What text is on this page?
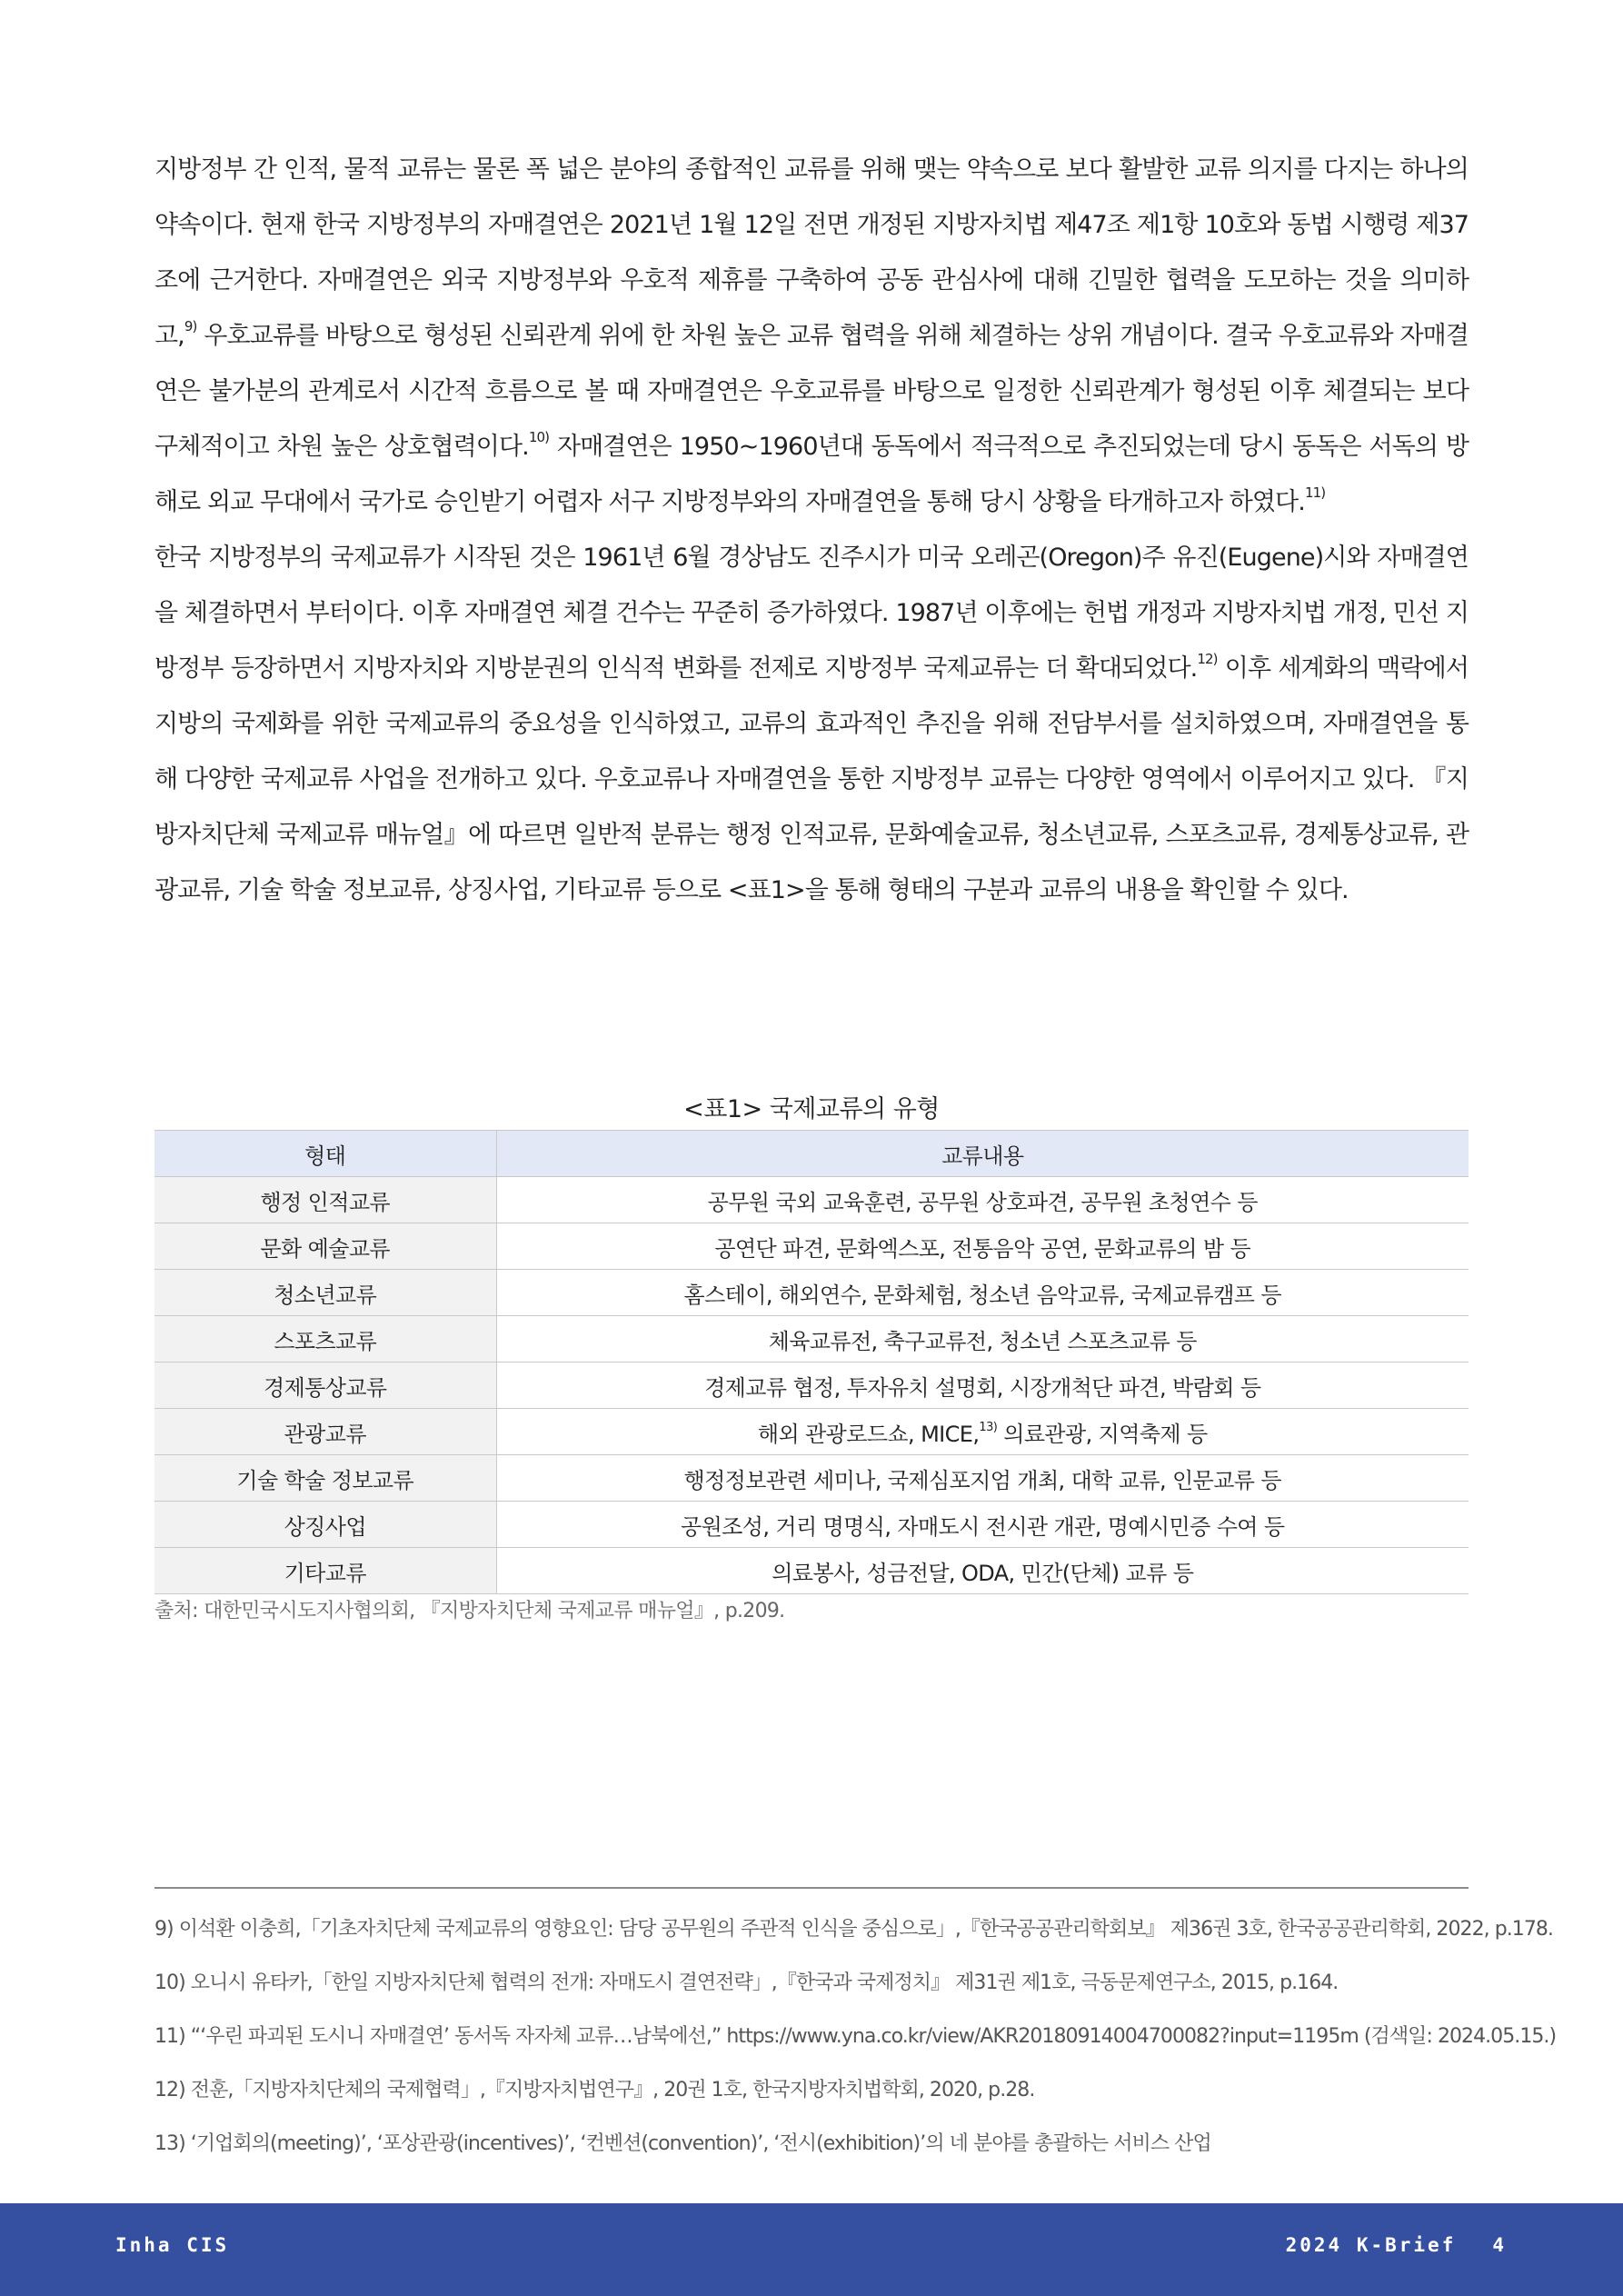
지방정부 간 인적, 물적 교류는 물론 폭 넓은 분야의 종합적인 교류를 위해 맺는 약속으로 보다 활발한 교류 의지를 다지는 하나의 약속이다. 현재 한국 지방정부의 자매결연은 2021년 1월 12일 전면 개정된 지방자치법 제47조 제1항 10호와 동법 시행령 제37조에 근거한다. 자매결연은 외국 지방정부와 우호적 제휴를 구축하여 공동 관심사에 대해 긴밀한 협력을 도모하는 것을 의미하고,$^{9)}$ 우호교류를 바탕으로 형성된 신뢰관계 위에 한 차원 높은 교류 협력을 위해 체결하는 상위 개념이다. 결국 우호교류와 자매결연은 불가분의 관계로서 시간적 흐름으로 볼 때 자매결연은 우호교류를 바탕으로 일정한 신뢰관계가 형성된 이후 체결되는 보다 구체적이고 차원 높은 상호협력이다.$^{10)}$ 자매결연은 1950~1960년대 동독에서 적극적으로 추진되었는데 당시 동독은 서독의 방해로 외교 무대에서 국가로 승인받기 어렵자 서구 지방정부와의 자매결연을 통해 당시 상황을 타개하고자 하였다.$^{11)}$

한국 지방정부의 국제교류가 시작된 것은 1961년 6월 경상남도 진주시가 미국 오레곤(Oregon)주 유진(Eugene)시와 자매결연을 체결하면서 부터이다. 이후 자매결연 체결 건수는 꾸준히 증가하였다. 1987년 이후에는 헌법 개정과 지방자치법 개정, 민선 지방정부 등장하면서 지방자치와 지방분권의 인식적 변화를 전제로 지방정부 국제교류는 더 확대되었다.$^{12)}$ 이후 세계화의 맥락에서 지방의 국제화를 위한 국제교류의 중요성을 인식하였고, 교류의 효과적인 추진을 위해 전담부서를 설치하였으며, 자매결연을 통해 다양한 국제교류 사업을 전개하고 있다. 우호교류나 자매결연을 통한 지방정부 교류는 다양한 영역에서 이루어지고 있다. 『지방자치단체 국제교류 매뉴얼』에 따르면 일반적 분류는 행정 인적교류, 문화예술교류, 청소년교류, 스포츠교류, 경제통상교류, 관광교류, 기술 학술 정보교류, 상징사업, 기타교류 등으로 <표1>을 통해 형태의 구분과 교류의 내용을 확인할 수 있다.

<표1> 국제교류의 유형
형태	교류내용
행정 인적교류	공무원 국외 교육훈련, 공무원 상호파견, 공무원 초청연수 등
문화 예술교류	공연단 파견, 문화엑스포, 전통음악 공연, 문화교류의 밤 등
청소년교류	홈스테이, 해외연수, 문화체험, 청소년 음악교류, 국제교류캠프 등
스포츠교류	체육교류전, 축구교류전, 청소년 스포츠교류 등
경제통상교류	경제교류 협정, 투자유치 설명회, 시장개척단 파견, 박람회 등
관광교류	해외 관광로드쇼, MICE,$^{13)}$ 의료관광, 지역축제 등
기술 학술 정보교류	행정정보관련 세미나, 국제심포지엄 개최, 대학 교류, 인문교류 등
상징사업	공원조성, 거리 명명식, 자매도시 전시관 개관, 명예시민증 수여 등
기타교류	의료봉사, 성금전달, ODA, 민간(단체) 교류 등
출처: 대한민국시도지사협의회, 『지방자치단체 국제교류 매뉴얼』, p.209.

9) 이석환 이충희,「기초자치단체 국제교류의 영향요인: 담당 공무원의 주관적 인식을 중심으로」,『한국공공관리학회보』 제36권 3호, 한국공공관리학회, 2022, p.178.

10) 오니시 유타카,「한일 지방자치단체 협력의 전개: 자매도시 결연전략」,『한국과 국제정치』 제31권 제1호, 극동문제연구소, 2015, p.164.

11) “‘우린 파괴된 도시니 자매결연’ 동서독 자자체 교류…남북에선,” https://www.yna.co.kr/view/AKR20180914004700082?input=1195m (검색일: 2024.05.15.)

12) 전훈,「지방자치단체의 국제협력」,『지방자치법연구』, 20권 1호, 한국지방자치법학회, 2020, p.28.

13) ‘기업회의(meeting)’, ‘포상관광(incentives)’, ‘컨벤션(convention)’, ‘전시(exhibition)’의 네 분야를 총괄하는 서비스 산업

Inha CIS	2024 K-Brief 4
